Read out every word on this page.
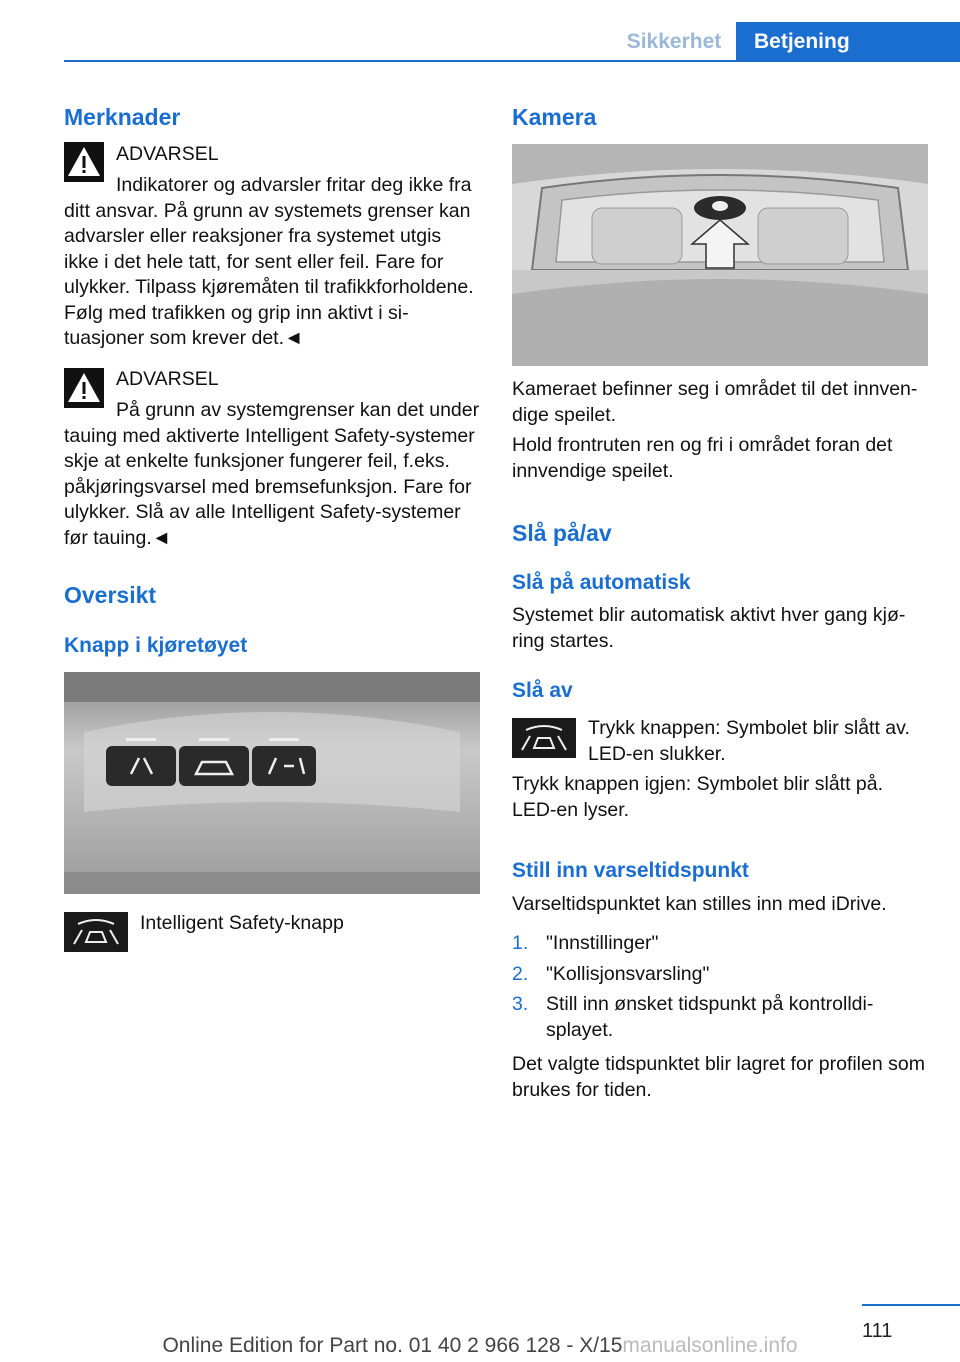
Sikkerhet	Betjening
Merknader

ADVARSEL

Indikatorer og advarsler fritar deg ikke fra ditt ansvar. På grunn av systemets grenser kan advarsler eller reaksjoner fra systemet utgis ikke i det hele tatt, for sent eller feil. Fare for ulykker. Tilpass kjøremåten til trafikkforholdene. Følg med trafikken og grip inn aktivt i situasjoner som krever det.◄

ADVARSEL

På grunn av systemgrenser kan det under tauing med aktiverte Intelligent Safety-systemer skje at enkelte funksjoner fungerer feil, f.eks. påkjøringsvarsel med bremsefunksjon. Fare for ulykker. Slå av alle Intelligent Safety-systemer før tauing.◄

Oversikt
Knapp i kjøretøyet

Intelligent Safety-knapp

Kamera

Kameraet befinner seg i området til det innvendige speilet.

Hold frontruten ren og fri i området foran det innvendige speilet.

Slå på/av
Slå på automatisk

Systemet blir automatisk aktivt hver gang kjøring startes.

Slå av

Trykk knappen: Symbolet blir slått av. LED-en slukker.

Trykk knappen igjen: Symbolet blir slått på. LED-en lyser.

Still inn varseltidspunkt

Varseltidspunktet kan stilles inn med iDrive.

1. "Innstillinger"
2. "Kollisjonsvarsling"
3. Still inn ønsket tidspunkt på kontrolldisplayet.

Det valgte tidspunktet blir lagret for profilen som brukes for tiden.

111
Online Edition for Part no. 01 40 2 966 128 - X/15manualsonline.info
